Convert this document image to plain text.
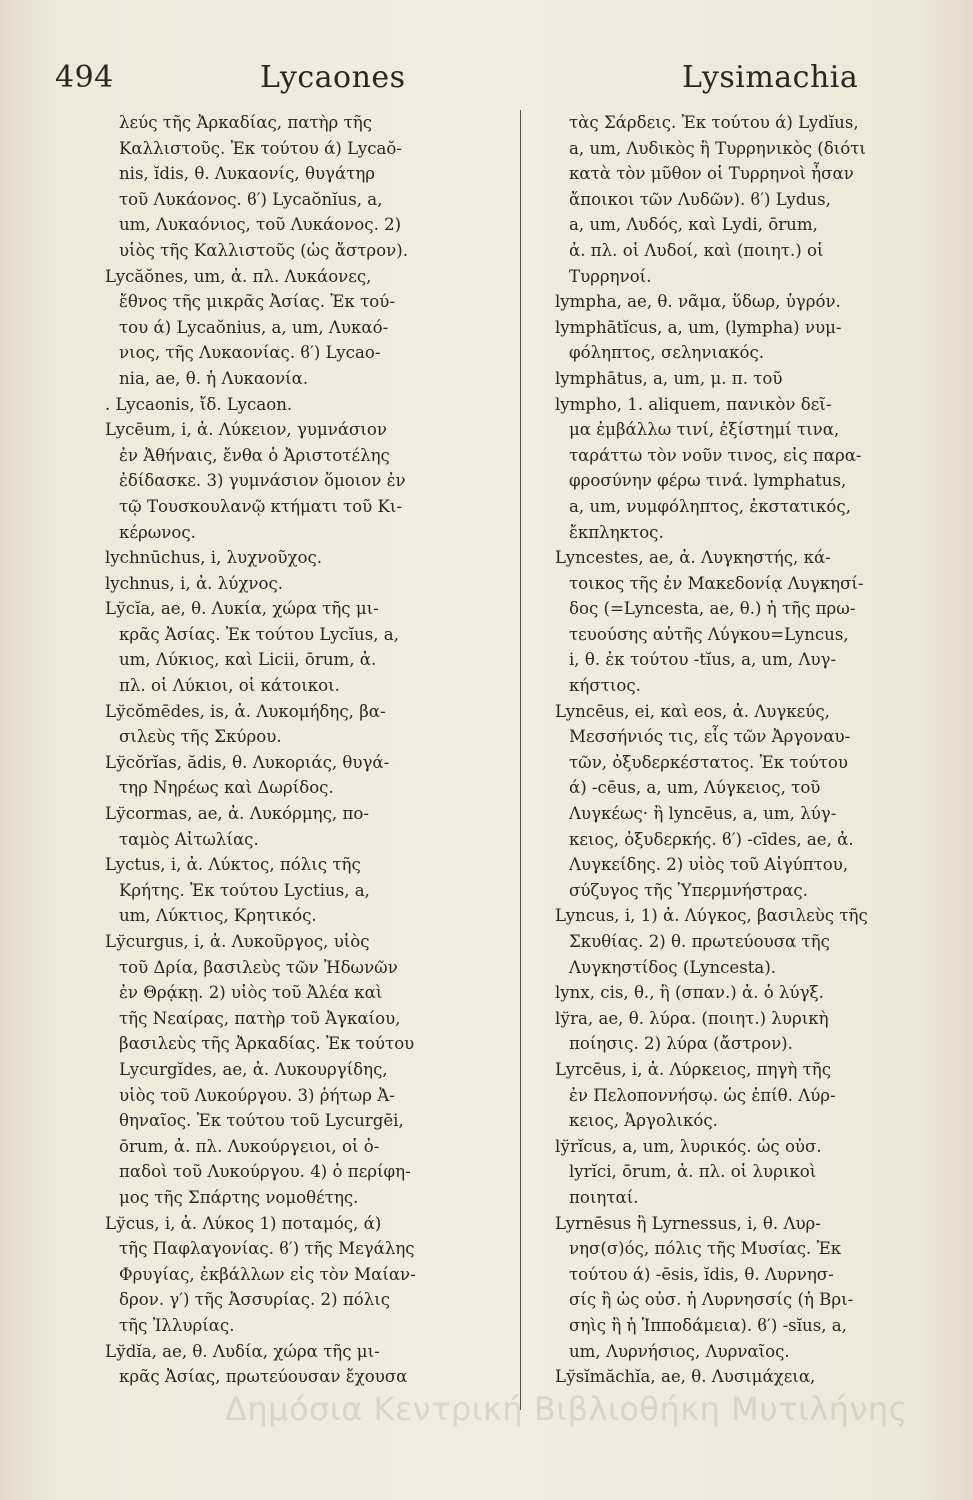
494	Lycaones	Lysimachia
λεύς τῆς Ἀρκαδίας, πατὴρ τῆς
Καλλιστοῦς. Ἐκ τούτου ά) Lycaŏ-
nis, ĭdis, θ. Λυκαονίς, θυγάτηρ
τοῦ Λυκάονος. ϐ′) Lycaŏnĭus, a,
um, Λυκαόνιος, τοῦ Λυκάονος. 2)
υἱὸς τῆς Καλλιστοῦς (ὡς ἄστρον).
Lycăŏnes, um, ἀ. πλ. Λυκάονες,
ἔθνος τῆς μικρᾶς Ἀσίας. Ἐκ τού-
του ά) Lycaŏnius, a, um, Λυκαό-
νιος, τῆς Λυκαονίας. ϐ′) Lycao-
nia, ae, θ. ἡ Λυκαονία.
. Lycaonis, ἴδ. Lycaon.
Lycēum, i, ἀ. Λύκειον, γυμνάσιον
ἐν Ἀθήναις, ἔνθα ὁ Ἀριστοτέλης
ἐδίδασκε. 3) γυμνάσιον ὅμοιον ἐν
τῷ Τουσκουλανῷ κτήματι τοῦ Κι-
κέρωνος.
lychnūchus, i, λυχνοῦχος.
lychnus, i, ἀ. λύχνος.
Lўcĭa, ae, θ. Λυκία, χώρα τῆς μι-
κρᾶς Ἀσίας. Ἐκ τούτου Lycĭus, a,
um, Λύκιος, καὶ Licii, ōrum, ἀ.
πλ. οἱ Λύκιοι, οἱ κάτοικοι.
Lўcŏmēdes, is, ἀ. Λυκομήδης, βα-
σιλεὺς τῆς Σκύρου.
Lўcŏrĭas, ădis, θ. Λυκοριάς, θυγά-
τηρ Νηρέως καὶ Δωρίδος.
Lўcormas, ae, ἀ. Λυκόρμης, πο-
ταμὸς Αἰτωλίας.
Lyctus, i, ἀ. Λύκτος, πόλις τῆς
Κρήτης. Ἐκ τούτου Lyctius, a,
um, Λύκτιος, Κρητικός.
Lўcurgus, i, ἀ. Λυκοῦργος, υἱὸς
τοῦ Δρία, βασιλεὺς τῶν Ἠδωνῶν
ἐν Θρᾴκῃ. 2) υἱὸς τοῦ Ἀλέα καὶ
τῆς Νεαίρας, πατὴρ τοῦ Ἀγκαίου,
βασιλεὺς τῆς Ἀρκαδίας. Ἐκ τούτου
Lycurgĭdes, ae, ἀ. Λυκουργίδης,
υἱὸς τοῦ Λυκούργου. 3) ῥήτωρ Ἀ-
θηναῖος. Ἐκ τούτου τοῦ Lycurgēi,
ōrum, ἀ. πλ. Λυκούργειοι, οἱ ὀ-
παδοὶ τοῦ Λυκούργου. 4) ὁ περίφη-
μος τῆς Σπάρτης νομοθέτης.
Lўcus, i, ἀ. Λύκος 1) ποταμός, ά)
τῆς Παφλαγονίας. ϐ′) τῆς Μεγάλης
Φρυγίας, ἐκβάλλων εἰς τὸν Μαίαν-
δρον. γ′) τῆς Ἀσσυρίας. 2) πόλις
τῆς Ἰλλυρίας.
Lўdĭa, ae, θ. Λυδία, χώρα τῆς μι-
κρᾶς Ἀσίας, πρωτεύουσαν ἔχουσα
τὰς Σάρδεις. Ἐκ τούτου ά) Lydĭus,
a, um, Λυδικὸς ἢ Τυρρηνικὸς (διότι
κατὰ τὸν μῦθον οἱ Τυρρηνοὶ ἦσαν
ἄποικοι τῶν Λυδῶν). ϐ′) Lydus,
a, um, Λυδός, καὶ Lydi, ōrum,
ἀ. πλ. οἱ Λυδοί, καὶ (ποιητ.) οἱ
Τυρρηνοί.
lympha, ae, θ. νᾶμα, ὕδωρ, ὑγρόν.
lymphātĭcus, a, um, (lympha) νυμ-
φόληπτος, σεληνιακός.
lymphātus, a, um, μ. π. τοῦ
lympho, 1. aliquem, πανικὸν δεῖ-
μα ἐμβάλλω τινί, ἐξίστημί τινα,
ταράττω τὸν νοῦν τινος, εἰς παρα-
φροσύνην φέρω τινά. lymphatus,
a, um, νυμφόληπτος, ἐκστατικός,
ἔκπληκτος.
Lyncestes, ae, ἀ. Λυγκηστής, κά-
τοικος τῆς ἐν Μακεδονίᾳ Λυγκησί-
δος (=Lyncesta, ae, θ.) ἡ τῆς πρω-
τευούσης αὐτῆς Λύγκου=Lyncus,
i, θ. ἐκ τούτου -tĭus, a, um, Λυγ-
κήστιος.
Lyncēus, ei, καὶ eos, ἀ. Λυγκεύς,
Μεσσήνιός τις, εἷς τῶν Ἀργοναυ-
τῶν, ὀξυδερκέστατος. Ἐκ τούτου
ά) -cēus, a, um, Λύγκειος, τοῦ
Λυγκέως· ἢ lyncēus, a, um, λύγ-
κειος, ὀξυδερκής. ϐ′) -cīdes, ae, ἀ.
Λυγκείδης. 2) υἱὸς τοῦ Αἰγύπτου,
σύζυγος τῆς Ὑπερμνήστρας.
Lyncus, i, 1) ἀ. Λύγκος, βασιλεὺς τῆς
Σκυθίας. 2) θ. πρωτεύουσα τῆς
Λυγκηστίδος (Lyncesta).
lynx, cis, θ., ἢ (σπαν.) ἀ. ὁ λύγξ.
lўra, ae, θ. λύρα. (ποιητ.) λυρικὴ
ποίησις. 2) λύρα (ἄστρον).
Lyrcēus, i, ἀ. Λύρκειος, πηγὴ τῆς
ἐν Πελοποννήσῳ. ὡς ἐπίθ. Λύρ-
κειος, Ἀργολικός.
lўrĭcus, a, um, λυρικός. ὡς οὐσ.
lyrĭci, ōrum, ἀ. πλ. οἱ λυρικοὶ
ποιηταί.
Lyrnēsus ἢ Lyrnessus, i, θ. Λυρ-
νησ(σ)ός, πόλις τῆς Μυσίας. Ἐκ
τούτου ά) -ēsis, ĭdis, θ. Λυρνησ-
σίς ἢ ὡς οὐσ. ἡ Λυρνησσίς (ἡ Βρι-
σηὶς ἢ ἡ Ἱπποδάμεια). ϐ′) -sĭus, a,
um, Λυρνήσιος, Λυρναῖος.
Lўsĭmăchĭa, ae, θ. Λυσιμάχεια,
Δημόσια Κεντρική Βιβλιοθήκη Μυτιλήνης
